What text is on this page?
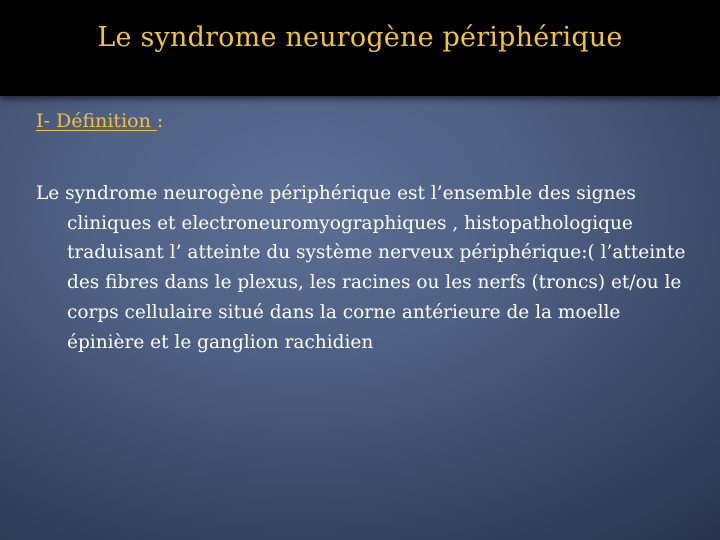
Le syndrome neurogène périphérique

I- Définition :

Le syndrome neurogène périphérique est l’ensemble des signes cliniques et electroneuromyographiques , histopathologique traduisant l’ atteinte du système nerveux périphérique:( l’atteinte des fibres dans le plexus, les racines ou les nerfs (troncs) et/ou le corps cellulaire situé dans la corne antérieure de la moelle épinière et le ganglion rachidien
